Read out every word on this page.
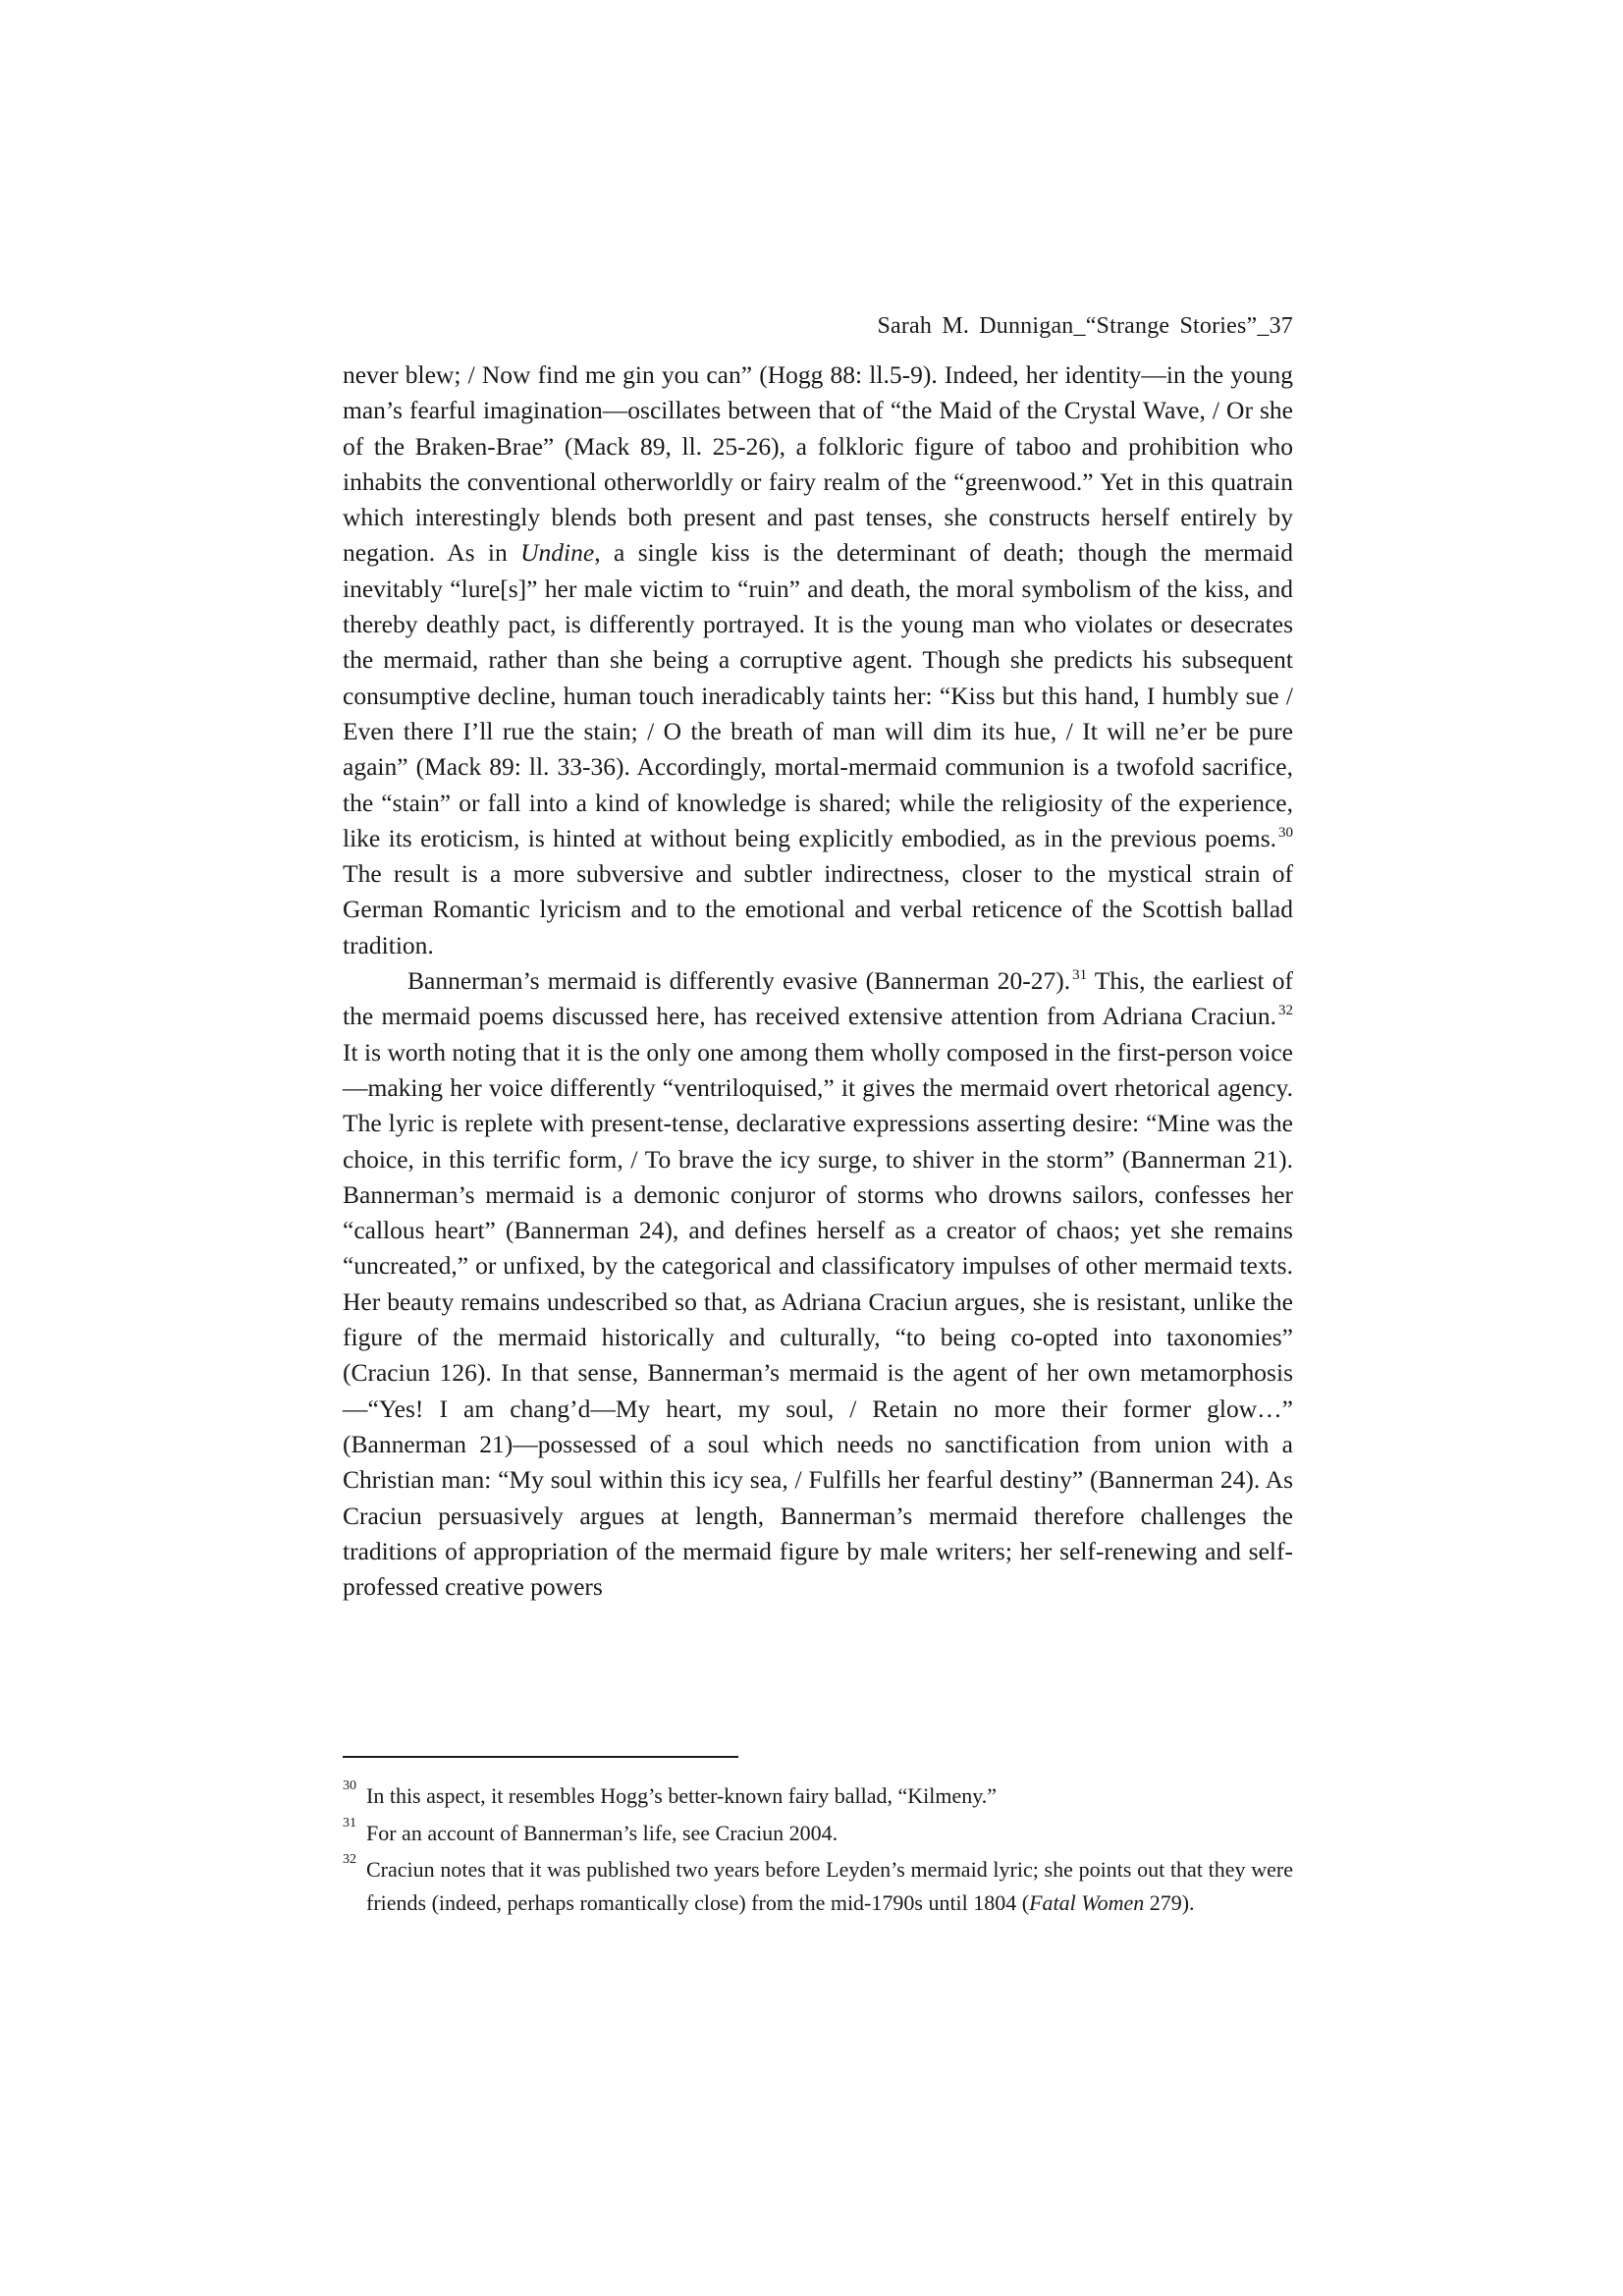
Sarah M. Dunnigan_“Strange Stories”_37

never blew; / Now find me gin you can” (Hogg 88: ll.5-9). Indeed, her identity—in the young man’s fearful imagination—oscillates between that of “the Maid of the Crystal Wave, / Or she of the Braken-Brae” (Mack 89, ll. 25-26), a folkloric figure of taboo and prohibition who inhabits the conventional otherworldly or fairy realm of the “greenwood.” Yet in this quatrain which interestingly blends both present and past tenses, she constructs herself entirely by negation. As in Undine, a single kiss is the determinant of death; though the mermaid inevitably “lure[s]” her male victim to “ruin” and death, the moral symbolism of the kiss, and thereby deathly pact, is differently portrayed. It is the young man who violates or desecrates the mermaid, rather than she being a corruptive agent. Though she predicts his subsequent consumptive decline, human touch ineradicably taints her: “Kiss but this hand, I humbly sue / Even there I’ll rue the stain; / O the breath of man will dim its hue, / It will ne’er be pure again” (Mack 89: ll. 33-36). Accordingly, mortal-mermaid communion is a twofold sacrifice, the “stain” or fall into a kind of knowledge is shared; while the religiosity of the experience, like its eroticism, is hinted at without being explicitly embodied, as in the previous poems. $^{30}$ The result is a more subversive and subtler indirectness, closer to the mystical strain of German Romantic lyricism and to the emotional and verbal reticence of the Scottish ballad tradition.

Bannerman’s mermaid is differently evasive (Bannerman 20-27). $^{31}$ This, the earliest of the mermaid poems discussed here, has received extensive attention from Adriana Craciun. $^{32}$ It is worth noting that it is the only one among them wholly composed in the first-person voice—making her voice differently “ventriloquised,” it gives the mermaid overt rhetorical agency. The lyric is replete with present-tense, declarative expressions asserting desire: “Mine was the choice, in this terrific form, / To brave the icy surge, to shiver in the storm” (Bannerman 21). Bannerman’s mermaid is a demonic conjuror of storms who drowns sailors, confesses her “callous heart” (Bannerman 24), and defines herself as a creator of chaos; yet she remains “uncreated,” or unfixed, by the categorical and classificatory impulses of other mermaid texts. Her beauty remains undescribed so that, as Adriana Craciun argues, she is resistant, unlike the figure of the mermaid historically and culturally, “to being co-opted into taxonomies” (Craciun 126). In that sense, Bannerman’s mermaid is the agent of her own metamorphosis—“Yes! I am chang’d—My heart, my soul, / Retain no more their former glow…” (Bannerman 21)—possessed of a soul which needs no sanctification from union with a Christian man: “My soul within this icy sea, / Fulfills her fearful destiny” (Bannerman 24). As Craciun persuasively argues at length, Bannerman’s mermaid therefore challenges the traditions of appropriation of the mermaid figure by male writers; her self-renewing and self-professed creative powers

30 In this aspect, it resembles Hogg’s better-known fairy ballad, “Kilmeny.”
31 For an account of Bannerman’s life, see Craciun 2004.
32 Craciun notes that it was published two years before Leyden’s mermaid lyric; she points out that they were friends (indeed, perhaps romantically close) from the mid-1790s until 1804 (Fatal Women 279).
